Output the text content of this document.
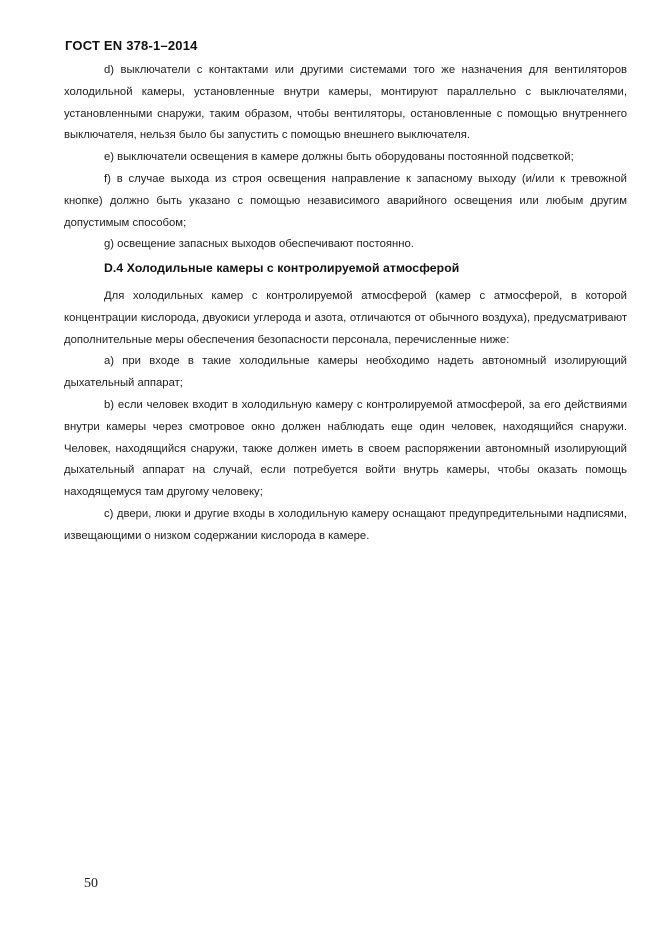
ГОСТ EN 378-1–2014

d) выключатели с контактами или другими системами того же назначения для вентиляторов холодильной камеры, установленные внутри камеры, монтируют параллельно с выключателями, установленными снаружи, таким образом, чтобы вентиляторы, остановленные с помощью внутреннего выключателя, нельзя было бы запустить с помощью внешнего выключателя.

e) выключатели освещения в камере должны быть оборудованы постоянной подсветкой;

f) в случае выхода из строя освещения направление к запасному выходу (и/или к тревожной кнопке) должно быть указано с помощью независимого аварийного освещения или любым другим допустимым способом;

g) освещение запасных выходов обеспечивают постоянно.

D.4 Холодильные камеры с контролируемой атмосферой

Для холодильных камер с контролируемой атмосферой (камер с атмосферой, в которой концентрации кислорода, двуокиси углерода и азота, отличаются от обычного воздуха), предусматривают дополнительные меры обеспечения безопасности персонала, перечисленные ниже:

a) при входе в такие холодильные камеры необходимо надеть автономный изолирующий дыхательный аппарат;

b) если человек входит в холодильную камеру с контролируемой атмосферой, за его действиями внутри камеры через смотровое окно должен наблюдать еще один человек, находящийся снаружи. Человек, находящийся снаружи, также должен иметь в своем распоряжении автономный изолирующий дыхательный аппарат на случай, если потребуется войти внутрь камеры, чтобы оказать помощь находящемуся там другому человеку;

c) двери, люки и другие входы в холодильную камеру оснащают предупредительными надписями, извещающими о низком содержании кислорода в камере.

50
